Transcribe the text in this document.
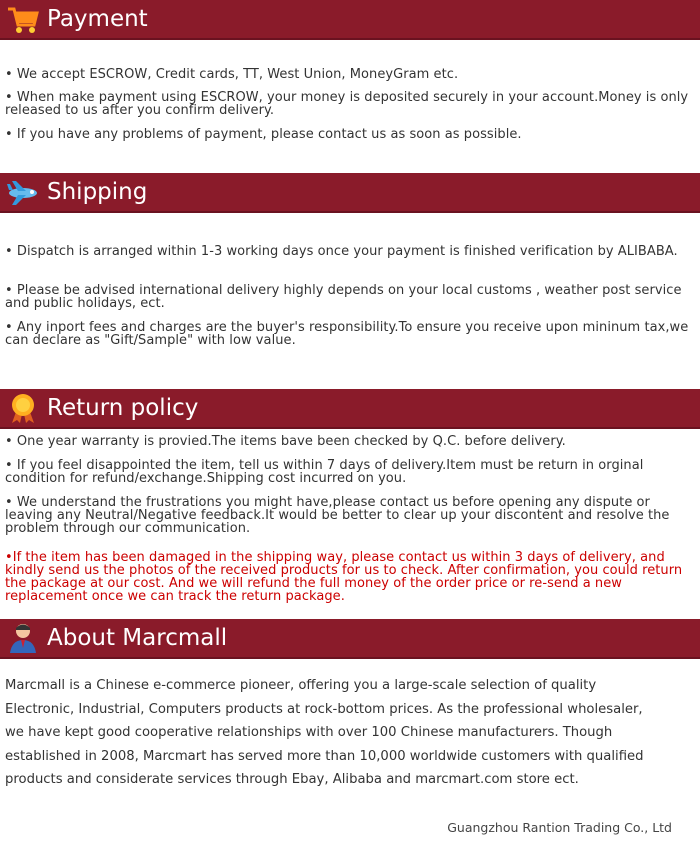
Payment
• We accept ESCROW, Credit cards, TT, West Union, MoneyGram etc.
• When make payment using ESCROW, your money is deposited securely in your account.Money is only released to us after you confirm delivery.
• If you have any problems of payment, please contact us as soon as possible.
Shipping
• Dispatch is arranged within 1-3 working days once your payment is finished verification by ALIBABA.
• Please be advised international delivery highly depends on your local customs , weather post service and public holidays, ect.
• Any inport fees and charges are the buyer's responsibility.To ensure you receive upon mininum tax,we can declare as "Gift/Sample" with low value.
Return policy
• One year warranty is provied.The items bave been checked by Q.C. before delivery.
• If you feel disappointed the item, tell us within 7 days of delivery.Item must be return in orginal condition for refund/exchange.Shipping cost incurred on you.
• We understand the frustrations you might have,please contact us before opening any dispute or leaving any Neutral/Negative feedback.It would be better to clear up your discontent and resolve the problem through our communication.
•If the item has been damaged in the shipping way, please contact us within 3 days of delivery, and kindly send us the photos of the received products for us to check. After confirmation, you could return the package at our cost. And we will refund the full money of the order price or re-send a new replacement once we can track the return package.
About Marcmall
Marcmall is a Chinese e-commerce pioneer, offering you a large-scale selection of quality
Electronic, Industrial, Computers products at rock-bottom prices. As the professional wholesaler,
we have kept good cooperative relationships with over 100 Chinese manufacturers. Though
established in 2008, Marcmart has served more than 10,000 worldwide customers with qualified
products and considerate services through Ebay, Alibaba and marcmart.com store ect.
Guangzhou Rantion Trading Co., Ltd
